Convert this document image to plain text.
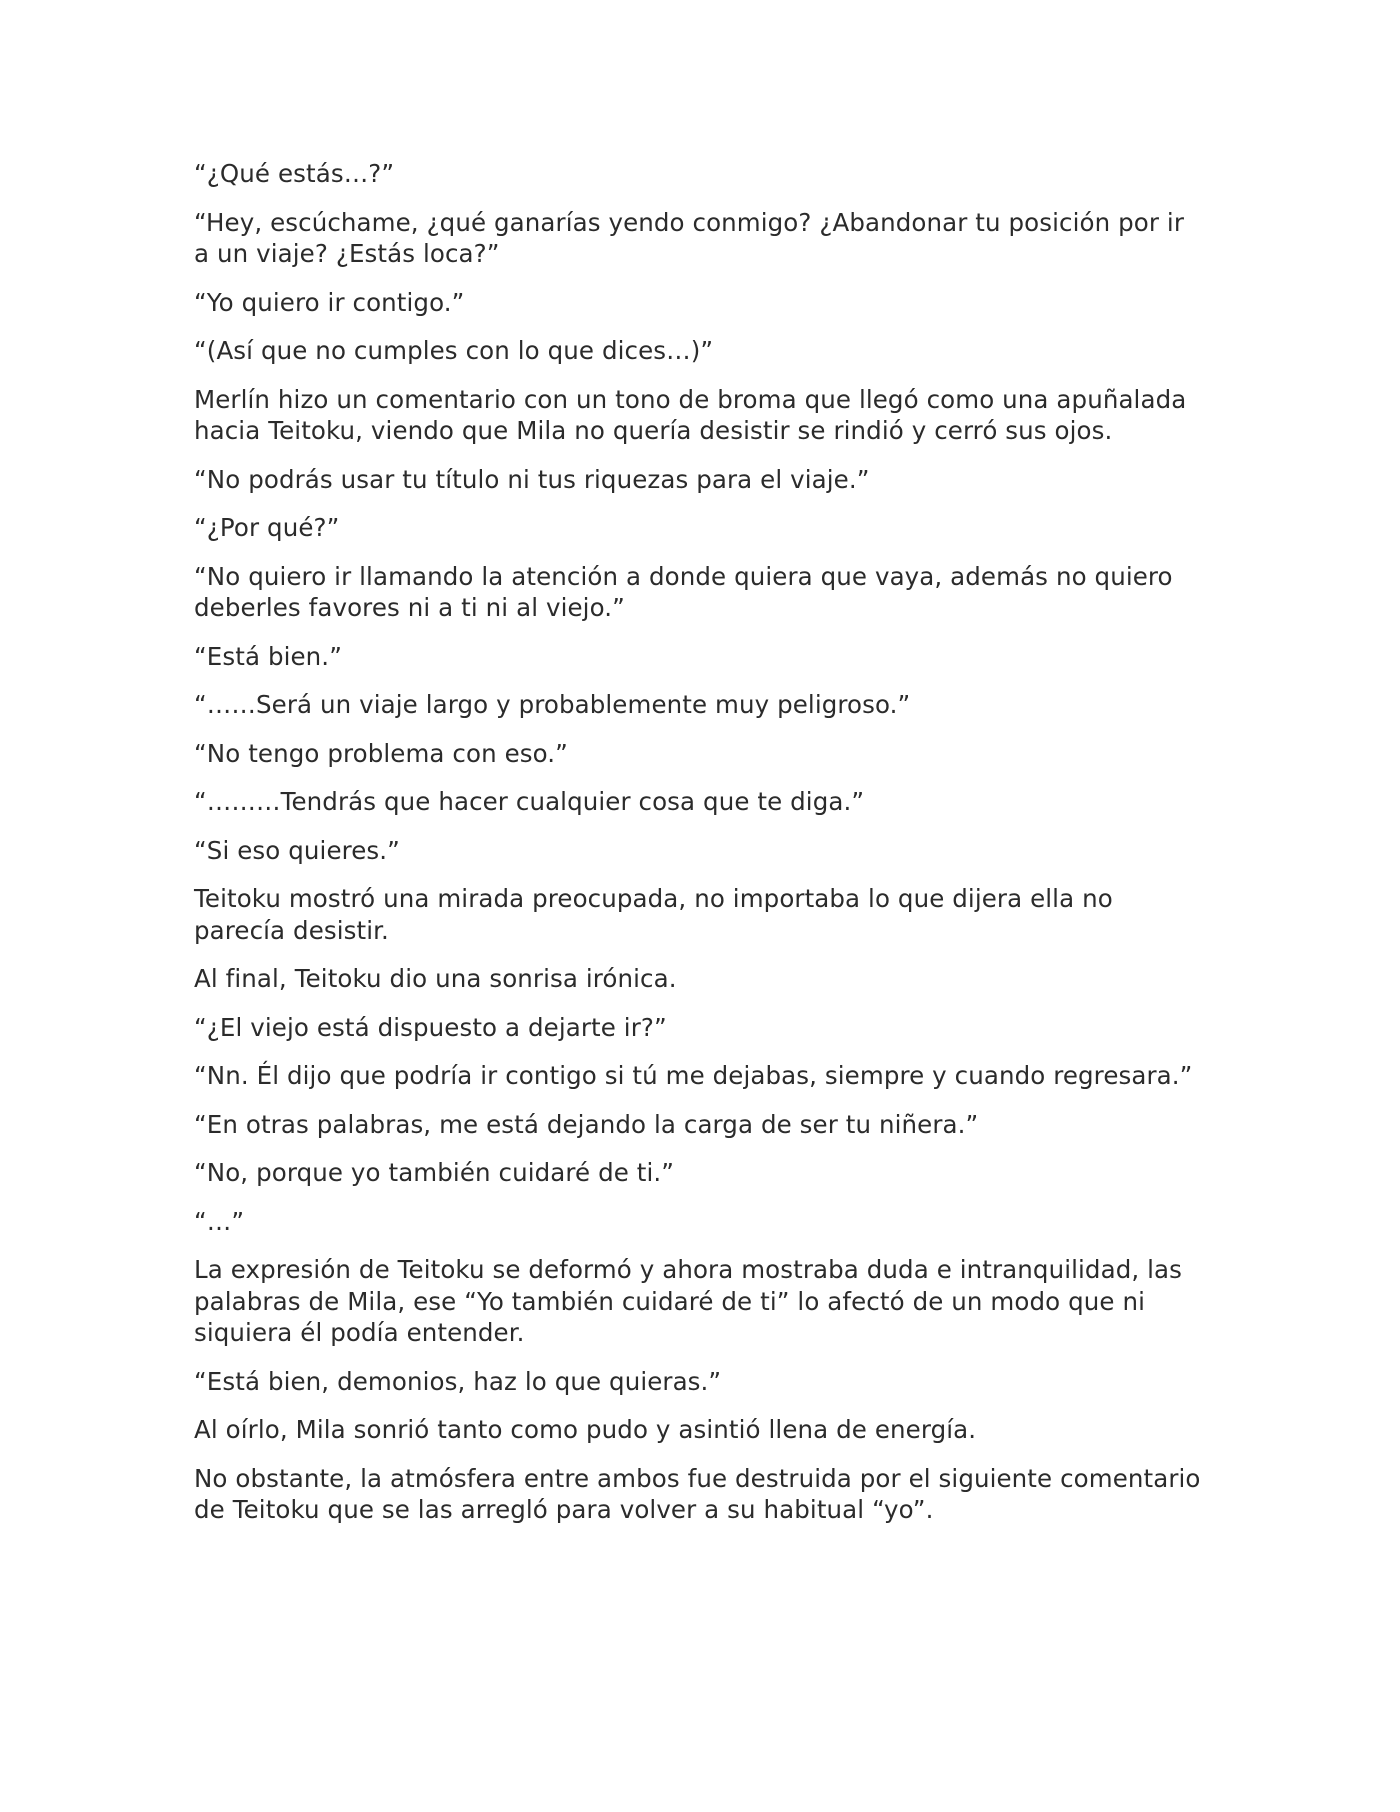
“¿Qué estás…?”

“Hey, escúchame, ¿qué ganarías yendo conmigo? ¿Abandonar tu posición por ir a un viaje? ¿Estás loca?”

“Yo quiero ir contigo.”

“(Así que no cumples con lo que dices…)”

Merlín hizo un comentario con un tono de broma que llegó como una apuñalada hacia Teitoku, viendo que Mila no quería desistir se rindió y cerró sus ojos.

“No podrás usar tu título ni tus riquezas para el viaje.”

“¿Por qué?”

“No quiero ir llamando la atención a donde quiera que vaya, además no quiero deberles favores ni a ti ni al viejo.”

“Está bien.”

“……Será un viaje largo y probablemente muy peligroso.”

“No tengo problema con eso.”

“………Tendrás que hacer cualquier cosa que te diga.”

“Si eso quieres.”

Teitoku mostró una mirada preocupada, no importaba lo que dijera ella no parecía desistir.

Al final, Teitoku dio una sonrisa irónica.

“¿El viejo está dispuesto a dejarte ir?”

“Nn. Él dijo que podría ir contigo si tú me dejabas, siempre y cuando regresara.”

“En otras palabras, me está dejando la carga de ser tu niñera.”

“No, porque yo también cuidaré de ti.”

“…”

La expresión de Teitoku se deformó y ahora mostraba duda e intranquilidad, las palabras de Mila, ese “Yo también cuidaré de ti” lo afectó de un modo que ni siquiera él podía entender.

“Está bien, demonios, haz lo que quieras.”

Al oírlo, Mila sonrió tanto como pudo y asintió llena de energía.

No obstante, la atmósfera entre ambos fue destruida por el siguiente comentario de Teitoku que se las arregló para volver a su habitual “yo”.
